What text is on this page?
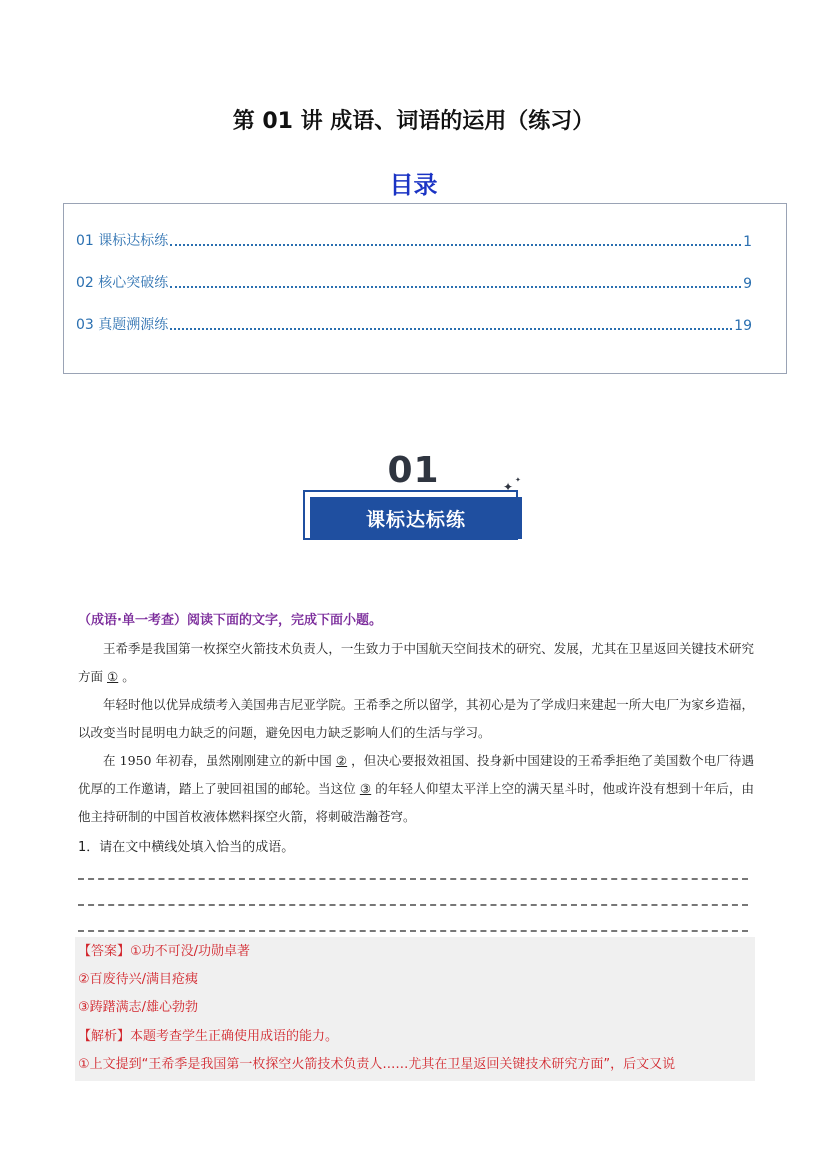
第 01 讲 成语、词语的运用（练习）
目录
01 课标达标练	1
02 核心突破练	9
03 真题溯源练	19
01
课标达标练
✦ ✦
（成语·单一考查）阅读下面的文字，完成下面小题。
王希季是我国第一枚探空火箭技术负责人，一生致力于中国航天空间技术的研究、发展，尤其在卫星返回关键技术研究方面 ① 。
年轻时他以优异成绩考入美国弗吉尼亚学院。王希季之所以留学，其初心是为了学成归来建起一所大电厂为家乡造福，以改变当时昆明电力缺乏的问题，避免因电力缺乏影响人们的生活与学习。
在 1950 年初春，虽然刚刚建立的新中国 ② ，但决心要报效祖国、投身新中国建设的王希季拒绝了美国数个电厂待遇优厚的工作邀请，踏上了驶回祖国的邮轮。当这位 ③ 的年轻人仰望太平洋上空的满天星斗时，他或许没有想到十年后，由他主持研制的中国首枚液体燃料探空火箭，将刺破浩瀚苍穹。
1．请在文中横线处填入恰当的成语。
【答案】①功不可没/功勋卓著
②百废待兴/满目疮痍
③踌躇满志/雄心勃勃
【解析】本题考查学生正确使用成语的能力。
①上文提到“王希季是我国第一枚探空火箭技术负责人……尤其在卫星返回关键技术研究方面”，后文又说
